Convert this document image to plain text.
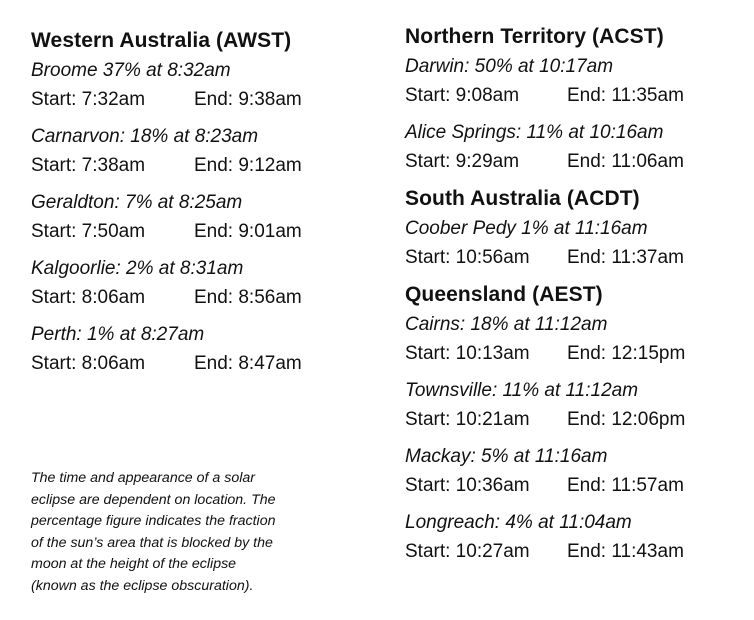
Western Australia (AWST)
Broome 37% at 8:32am
Start: 7:32am	End: 9:38am
Carnarvon: 18% at 8:23am
Start: 7:38am	End: 9:12am
Geraldton: 7% at 8:25am
Start: 7:50am	End: 9:01am
Kalgoorlie: 2% at 8:31am
Start: 8:06am	End: 8:56am
Perth: 1% at 8:27am
Start: 8:06am	End: 8:47am
Northern Territory (ACST)
Darwin: 50% at 10:17am
Start: 9:08am	End: 11:35am
Alice Springs: 11% at 10:16am
Start: 9:29am	End: 11:06am
South Australia (ACDT)
Coober Pedy 1% at 11:16am
Start: 10:56am	End: 11:37am
Queensland (AEST)
Cairns: 18% at 11:12am
Start: 10:13am	End: 12:15pm
Townsville: 11% at 11:12am
Start: 10:21am	End: 12:06pm
Mackay: 5% at 11:16am
Start: 10:36am	End: 11:57am
Longreach: 4% at 11:04am
Start: 10:27am	End: 11:43am
The time and appearance of a solar
eclipse are dependent on location. The
percentage figure indicates the fraction
of the sun’s area that is blocked by the
moon at the height of the eclipse
(known as the eclipse obscuration).
